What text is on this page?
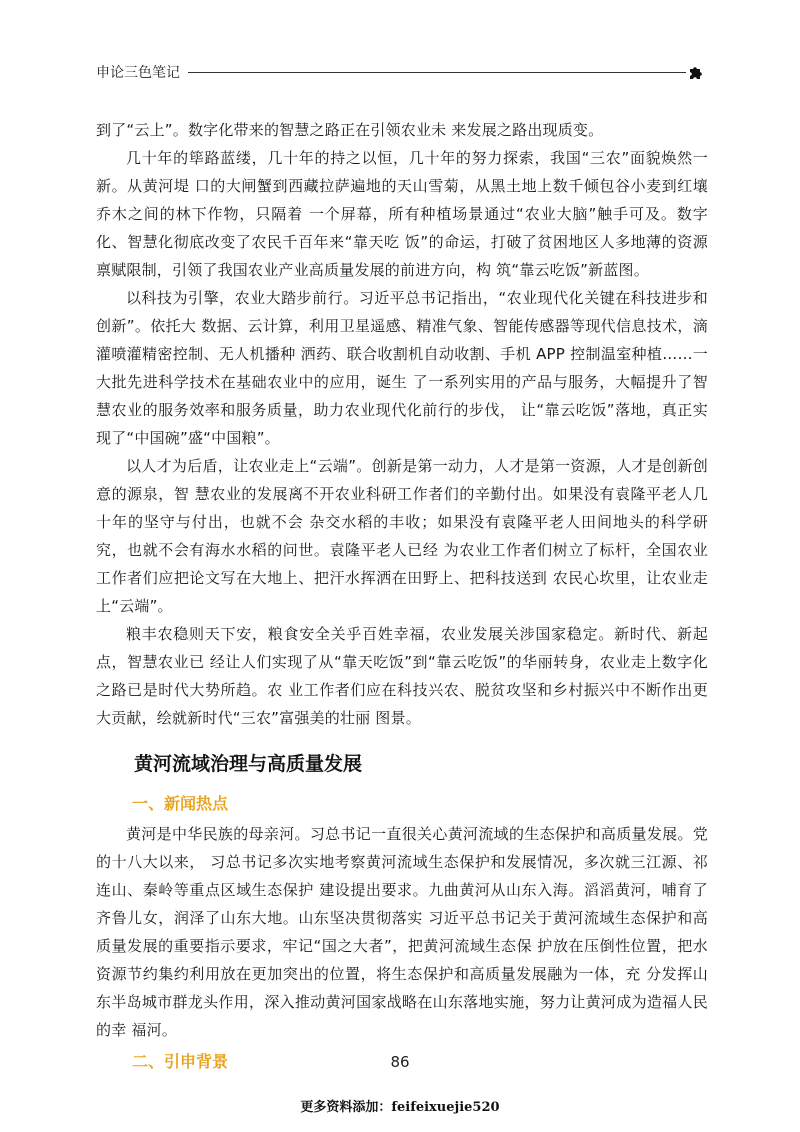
申论三色笔记

到了“云上”。数字化带来的智慧之路正在引领农业未 来发展之路出现质变。

几十年的筚路蓝缕，几十年的持之以恒，几十年的努力探索，我国“三农”面貌焕然一新。从黄河堤 口的大闸蟹到西藏拉萨遍地的天山雪菊，从黑土地上数千倾包谷小麦到红壤乔木之间的林下作物，只隔着 一个屏幕，所有种植场景通过“农业大脑”触手可及。数字化、智慧化彻底改变了农民千百年来“靠天吃 饭”的命运，打破了贫困地区人多地薄的资源禀赋限制，引领了我国农业产业高质量发展的前进方向，构 筑“靠云吃饭”新蓝图。

以科技为引擎，农业大踏步前行。习近平总书记指出，“农业现代化关键在科技进步和创新”。依托大 数据、云计算，利用卫星遥感、精准气象、智能传感器等现代信息技术，滴灌喷灌精密控制、无人机播种 洒药、联合收割机自动收割、手机 APP 控制温室种植……一大批先进科学技术在基础农业中的应用，诞生 了一系列实用的产品与服务，大幅提升了智慧农业的服务效率和服务质量，助力农业现代化前行的步伐， 让“靠云吃饭”落地，真正实现了“中国碗”盛“中国粮”。

以人才为后盾，让农业走上“云端”。创新是第一动力，人才是第一资源，人才是创新创意的源泉，智 慧农业的发展离不开农业科研工作者们的辛勤付出。如果没有袁隆平老人几十年的坚守与付出，也就不会 杂交水稻的丰收；如果没有袁隆平老人田间地头的科学研究，也就不会有海水水稻的问世。袁隆平老人已经 为农业工作者们树立了标杆，全国农业工作者们应把论文写在大地上、把汗水挥洒在田野上、把科技送到 农民心坎里，让农业走上“云端”。

粮丰农稳则天下安，粮食安全关乎百姓幸福，农业发展关涉国家稳定。新时代、新起点，智慧农业已 经让人们实现了从“靠天吃饭”到“靠云吃饭”的华丽转身，农业走上数字化之路已是时代大势所趋。农 业工作者们应在科技兴农、脱贫攻坚和乡村振兴中不断作出更大贡献，绘就新时代“三农”富强美的壮丽 图景。

黄河流域治理与高质量发展
一、新闻热点

黄河是中华民族的母亲河。习总书记一直很关心黄河流域的生态保护和高质量发展。党的十八大以来， 习总书记多次实地考察黄河流域生态保护和发展情况，多次就三江源、祁连山、秦岭等重点区域生态保护 建设提出要求。九曲黄河从山东入海。滔滔黄河，哺育了齐鲁儿女，润泽了山东大地。山东坚决贯彻落实 习近平总书记关于黄河流域生态保护和高质量发展的重要指示要求，牢记“国之大者”，把黄河流域生态保 护放在压倒性位置，把水资源节约集约利用放在更加突出的位置，将生态保护和高质量发展融为一体，充 分发挥山东半岛城市群龙头作用，深入推动黄河国家战略在山东落地实施，努力让黄河成为造福人民的幸 福河。

二、引申背景	86
更多资料添加：feifeixuejie520
